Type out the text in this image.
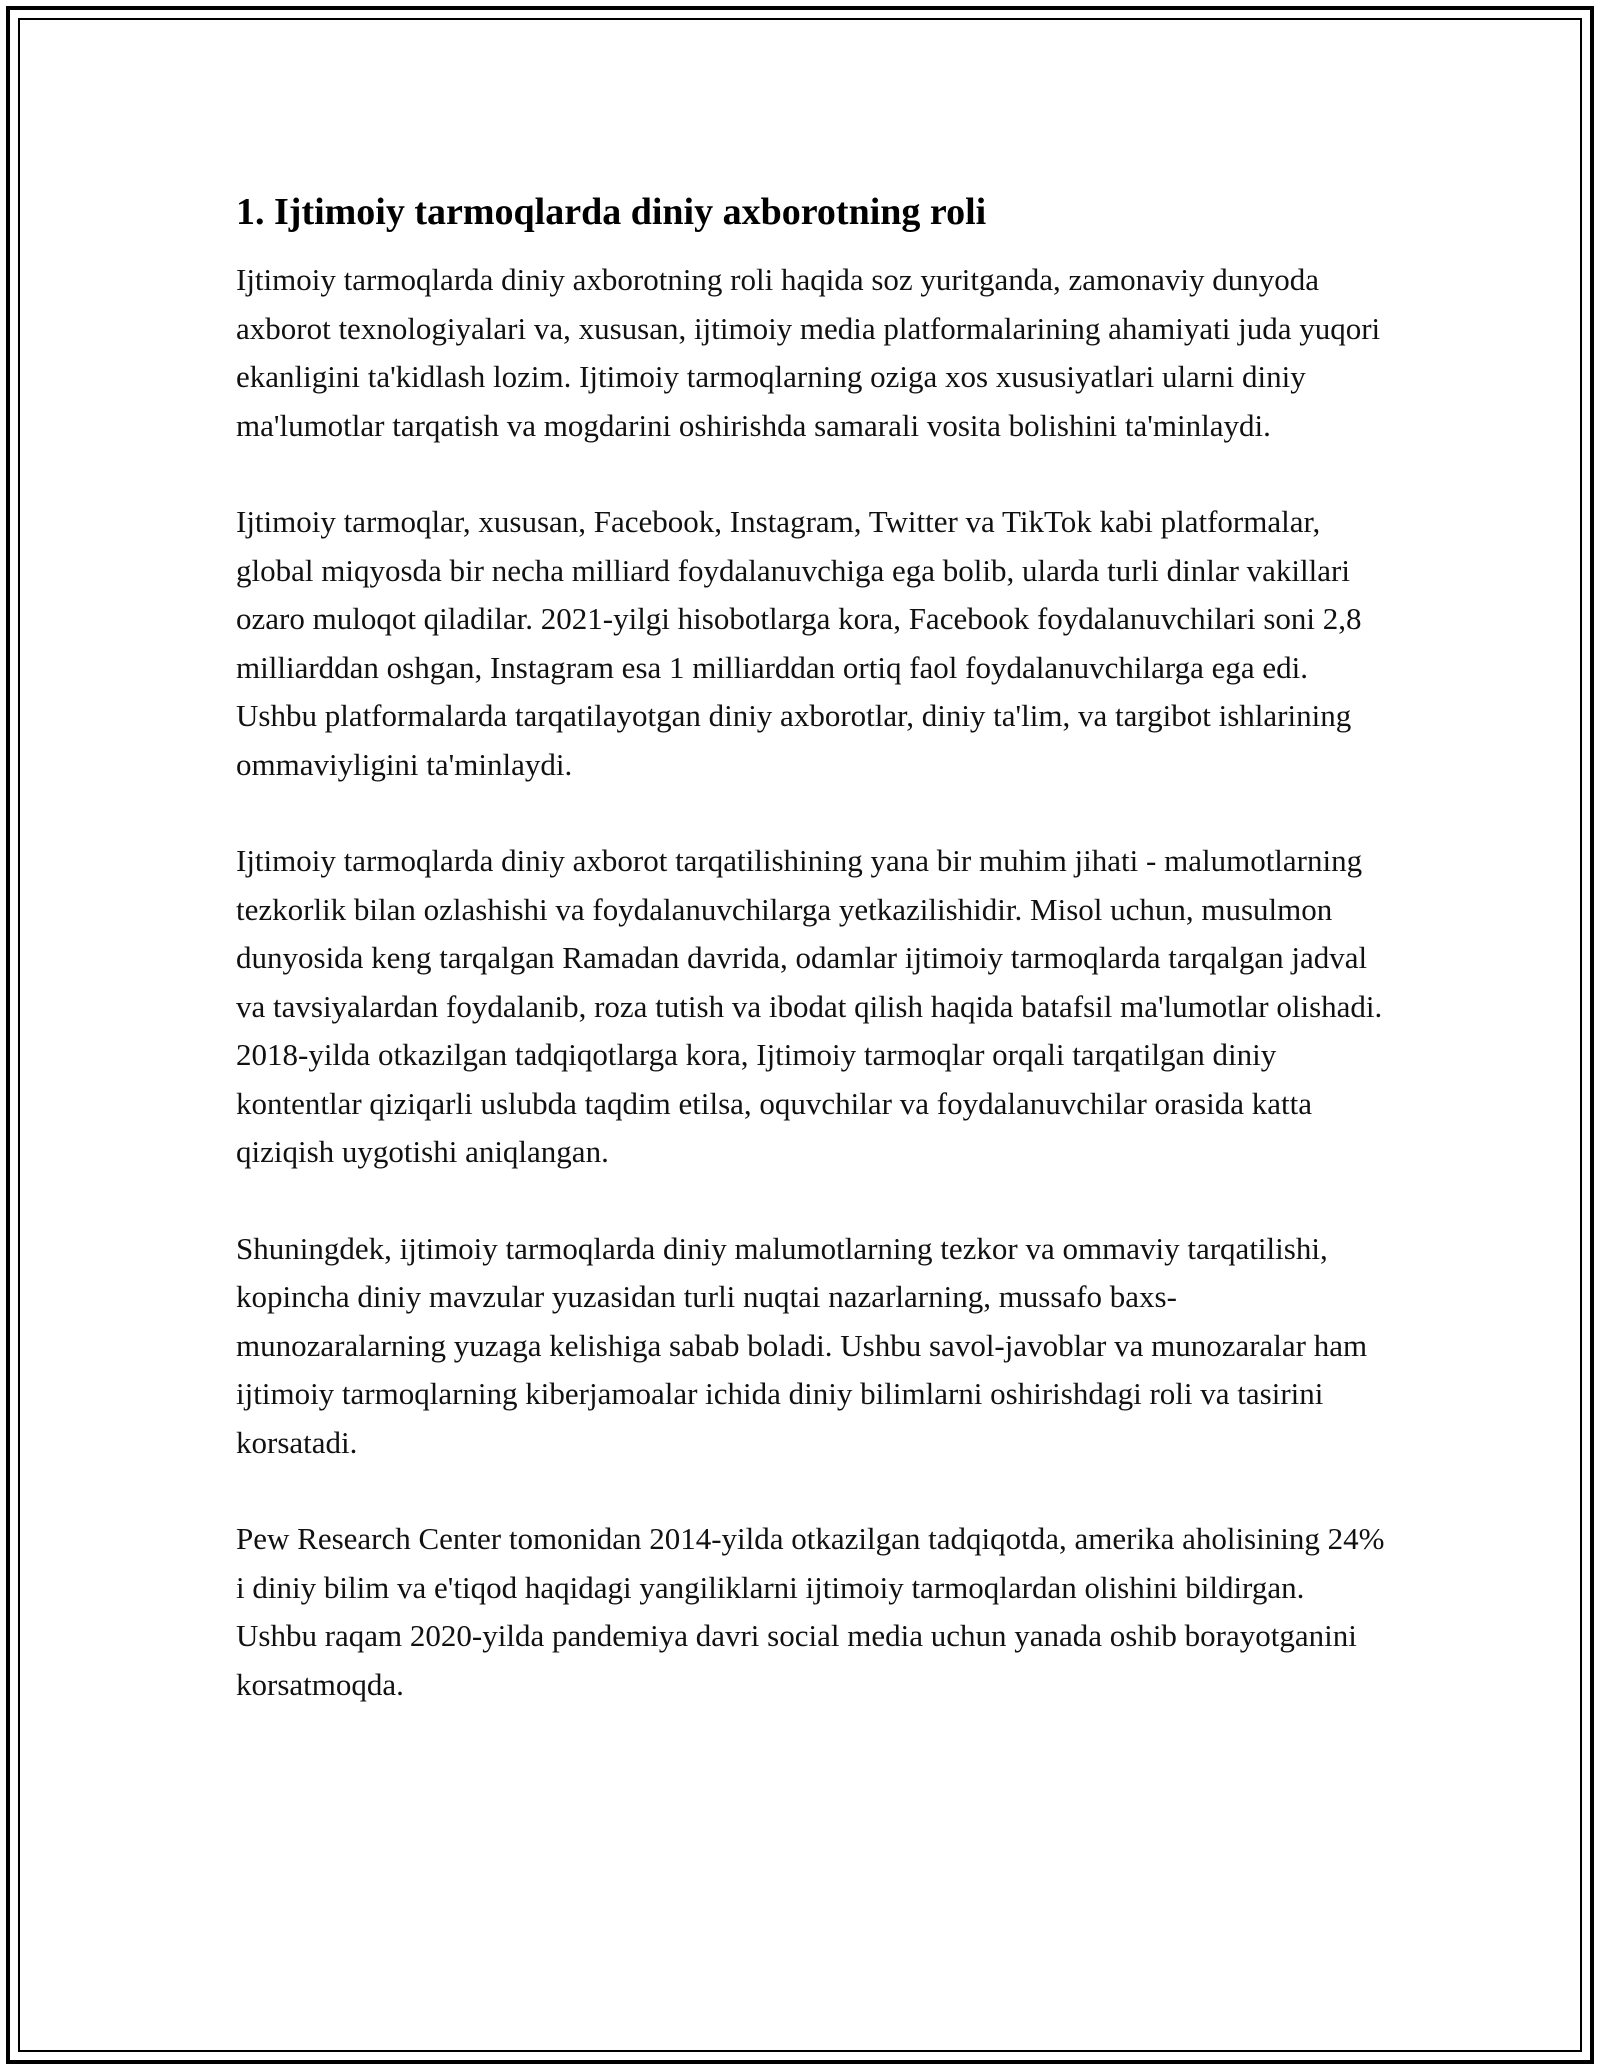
1. Ijtimoiy tarmoqlarda diniy axborotning roli

Ijtimoiy tarmoqlarda diniy axborotning roli haqida soz yuritganda, zamonaviy dunyoda axborot texnologiyalari va, xususan, ijtimoiy media platformalarining ahamiyati juda yuqori ekanligini ta'kidlash lozim. Ijtimoiy tarmoqlarning oziga xos xususiyatlari ularni diniy ma'lumotlar tarqatish va mogdarini oshirishda samarali vosita bolishini ta'minlaydi.

Ijtimoiy tarmoqlar, xususan, Facebook, Instagram, Twitter va TikTok kabi platformalar, global miqyosda bir necha milliard foydalanuvchiga ega bolib, ularda turli dinlar vakillari ozaro muloqot qiladilar. 2021-yilgi hisobotlarga kora, Facebook foydalanuvchilari soni 2,8 milliarddan oshgan, Instagram esa 1 milliarddan ortiq faol foydalanuvchilarga ega edi. Ushbu platformalarda tarqatilayotgan diniy axborotlar, diniy ta'lim, va targibot ishlarining ommaviyligini ta'minlaydi.

Ijtimoiy tarmoqlarda diniy axborot tarqatilishining yana bir muhim jihati - malumotlarning tezkorlik bilan ozlashishi va foydalanuvchilarga yetkazilishidir. Misol uchun, musulmon dunyosida keng tarqalgan Ramadan davrida, odamlar ijtimoiy tarmoqlarda tarqalgan jadval va tavsiyalardan foydalanib, roza tutish va ibodat qilish haqida batafsil ma'lumotlar olishadi. 2018-yilda otkazilgan tadqiqotlarga kora, Ijtimoiy tarmoqlar orqali tarqatilgan diniy kontentlar qiziqarli uslubda taqdim etilsa, oquvchilar va foydalanuvchilar orasida katta qiziqish uygotishi aniqlangan.

Shuningdek, ijtimoiy tarmoqlarda diniy malumotlarning tezkor va ommaviy tarqatilishi, kopincha diniy mavzular yuzasidan turli nuqtai nazarlarning, mussafo baxs-munozaralarning yuzaga kelishiga sabab boladi. Ushbu savol-javoblar va munozaralar ham ijtimoiy tarmoqlarning kiberjamoalar ichida diniy bilimlarni oshirishdagi roli va tasirini korsatadi.

Pew Research Center tomonidan 2014-yilda otkazilgan tadqiqotda, amerika aholisining 24% i diniy bilim va e'tiqod haqidagi yangiliklarni ijtimoiy tarmoqlardan olishini bildirgan. Ushbu raqam 2020-yilda pandemiya davri social media uchun yanada oshib borayotganini korsatmoqda.
